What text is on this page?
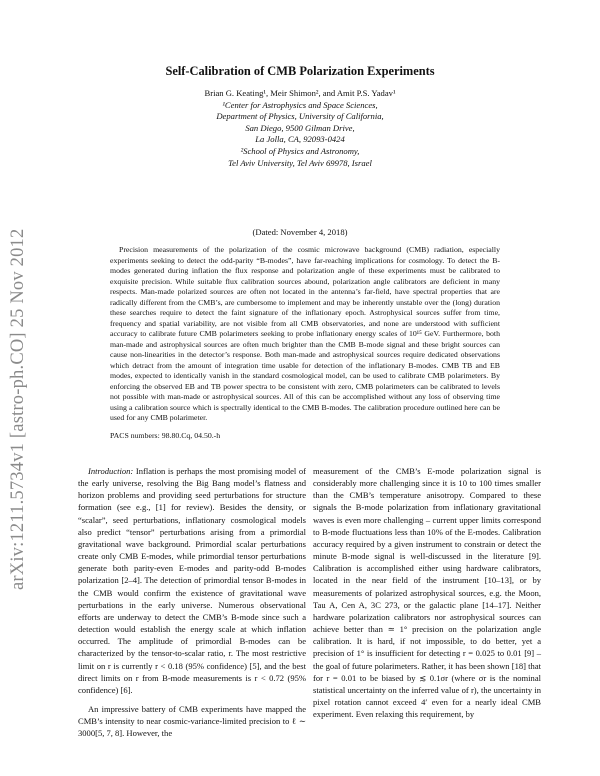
arXiv:1211.5734v1 [astro-ph.CO] 25 Nov 2012
Self-Calibration of CMB Polarization Experiments
Brian G. Keating¹, Meir Shimon², and Amit P.S. Yadav¹
¹Center for Astrophysics and Space Sciences,
Department of Physics, University of California,
San Diego, 9500 Gilman Drive,
La Jolla, CA, 92093-0424
²School of Physics and Astronomy,
Tel Aviv University, Tel Aviv 69978, Israel
(Dated: November 4, 2018)

Precision measurements of the polarization of the cosmic microwave background (CMB) radiation, especially experiments seeking to detect the odd-parity “B-modes”, have far-reaching implications for cosmology. To detect the B-modes generated during inflation the flux response and polarization angle of these experiments must be calibrated to exquisite precision. While suitable flux calibration sources abound, polarization angle calibrators are deficient in many respects. Man-made polarized sources are often not located in the antenna’s far-field, have spectral properties that are radically different from the CMB’s, are cumbersome to implement and may be inherently unstable over the (long) duration these searches require to detect the faint signature of the inflationary epoch. Astrophysical sources suffer from time, frequency and spatial variability, are not visible from all CMB observatories, and none are understood with sufficient accuracy to calibrate future CMB polarimeters seeking to probe inflationary energy scales of 10¹⁵ GeV. Furthermore, both man-made and astrophysical sources are often much brighter than the CMB B-mode signal and these bright sources can cause non-linearities in the detector’s response. Both man-made and astrophysical sources require dedicated observations which detract from the amount of integration time usable for detection of the inflationary B-modes. CMB TB and EB modes, expected to identically vanish in the standard cosmological model, can be used to calibrate CMB polarimeters. By enforcing the observed EB and TB power spectra to be consistent with zero, CMB polarimeters can be calibrated to levels not possible with man-made or astrophysical sources. All of this can be accomplished without any loss of observing time using a calibration source which is spectrally identical to the CMB B-modes. The calibration procedure outlined here can be used for any CMB polarimeter.

PACS numbers: 98.80.Cq, 04.50.-h

Introduction: Inflation is perhaps the most promising model of the early universe, resolving the Big Bang model’s flatness and horizon problems and providing seed perturbations for structure formation (see e.g., [1] for review). Besides the density, or “scalar”, seed perturbations, inflationary cosmological models also predict “tensor” perturbations arising from a primordial gravitational wave background. Primordial scalar perturbations create only CMB E-modes, while primordial tensor perturbations generate both parity-even E-modes and parity-odd B-modes polarization [2–4]. The detection of primordial tensor B-modes in the CMB would confirm the existence of gravitational wave perturbations in the early universe. Numerous observational efforts are underway to detect the CMB’s B-mode since such a detection would establish the energy scale at which inflation occurred. The amplitude of primordial B-modes can be characterized by the tensor-to-scalar ratio, r. The most restrictive limit on r is currently r < 0.18 (95% confidence) [5], and the best direct limits on r from B-mode measurements is r < 0.72 (95% confidence) [6].

An impressive battery of CMB experiments have mapped the CMB’s intensity to near cosmic-variance-limited precision to ℓ ∼ 3000[5, 7, 8]. However, the

measurement of the CMB’s E-mode polarization signal is considerably more challenging since it is 10 to 100 times smaller than the CMB’s temperature anisotropy. Compared to these signals the B-mode polarization from inflationary gravitational waves is even more challenging – current upper limits correspond to B-mode fluctuations less than 10% of the E-modes. Calibration accuracy required by a given instrument to constrain or detect the minute B-mode signal is well-discussed in the literature [9]. Calibration is accomplished either using hardware calibrators, located in the near field of the instrument [10–13], or by measurements of polarized astrophysical sources, e.g. the Moon, Tau A, Cen A, 3C 273, or the galactic plane [14–17]. Neither hardware polarization calibrators nor astrophysical sources can achieve better than ≃ 1° precision on the polarization angle calibration. It is hard, if not impossible, to do better, yet a precision of 1° is insufficient for detecting r = 0.025 to 0.01 [9] – the goal of future polarimeters. Rather, it has been shown [18] that for r = 0.01 to be biased by ≲ 0.1σr (where σr is the nominal statistical uncertainty on the inferred value of r), the uncertainty in pixel rotation cannot exceed 4′ even for a nearly ideal CMB experiment. Even relaxing this requirement, by
